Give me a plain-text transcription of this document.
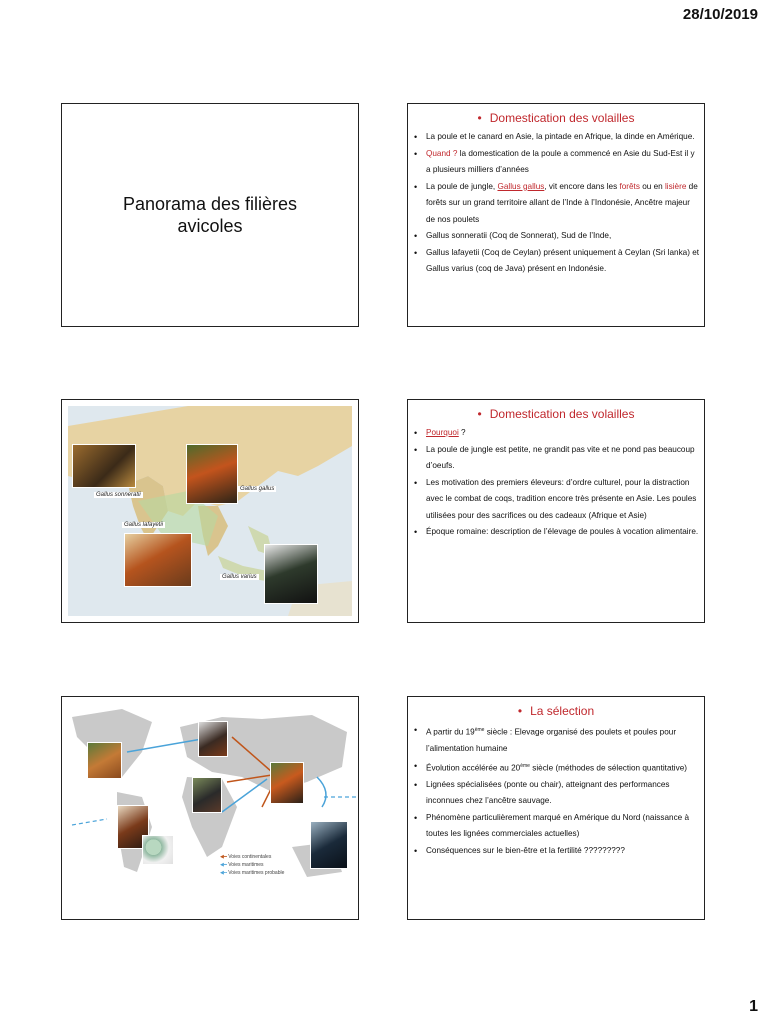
28/10/2019
Panorama des filières avicoles
• Domestication des volailles
• La poule et le canard en Asie, la pintade en Afrique, la dinde en Amérique.
• Quand ? la domestication de la poule a commencé en Asie du Sud-Est il y a plusieurs milliers d’années
• La poule de jungle, Gallus gallus, vit encore dans les forêts ou en lisière de forêts sur un grand territoire allant de l’Inde à l’Indonésie, Ancêtre majeur de nos poulets
• Gallus sonneratii (Coq de Sonnerat), Sud de l’Inde,
• Gallus lafayetii (Coq de Ceylan) présent uniquement à Ceylan (Sri lanka) et Gallus varius (coq de Java) présent en Indonésie.
Gallus sonneratii
Gallus gallus
Gallus lafayetii
Gallus varius
• Domestication des volailles
• Pourquoi ?
• La poule de jungle est petite, ne grandit pas vite et ne pond pas beaucoup d’oeufs.
• Les motivation des premiers éleveurs: d’ordre culturel, pour la distraction avec le combat de coqs, tradition encore très présente en Asie. Les poules utilisées pour des sacrifices ou des cadeaux (Afrique et Asie)
• Époque romaine: description de l’élevage de poules à vocation alimentaire.
◀━ Voies continentales
◀━ Voies maritimes
◀╍ Voies maritimes probable
• La sélection
• A partir du 19ème siècle : Elevage organisé des poulets et poules pour l’alimentation humaine
• Évolution accélérée au 20ème siècle (méthodes de sélection quantitative)
• Lignées spécialisées (ponte ou chair), atteignant des performances inconnues chez l’ancêtre sauvage.
• Phénomène particulièrement marqué en Amérique du Nord (naissance à toutes les lignées commerciales actuelles)
• Conséquences sur le bien-être et la fertilité ?????????
1
